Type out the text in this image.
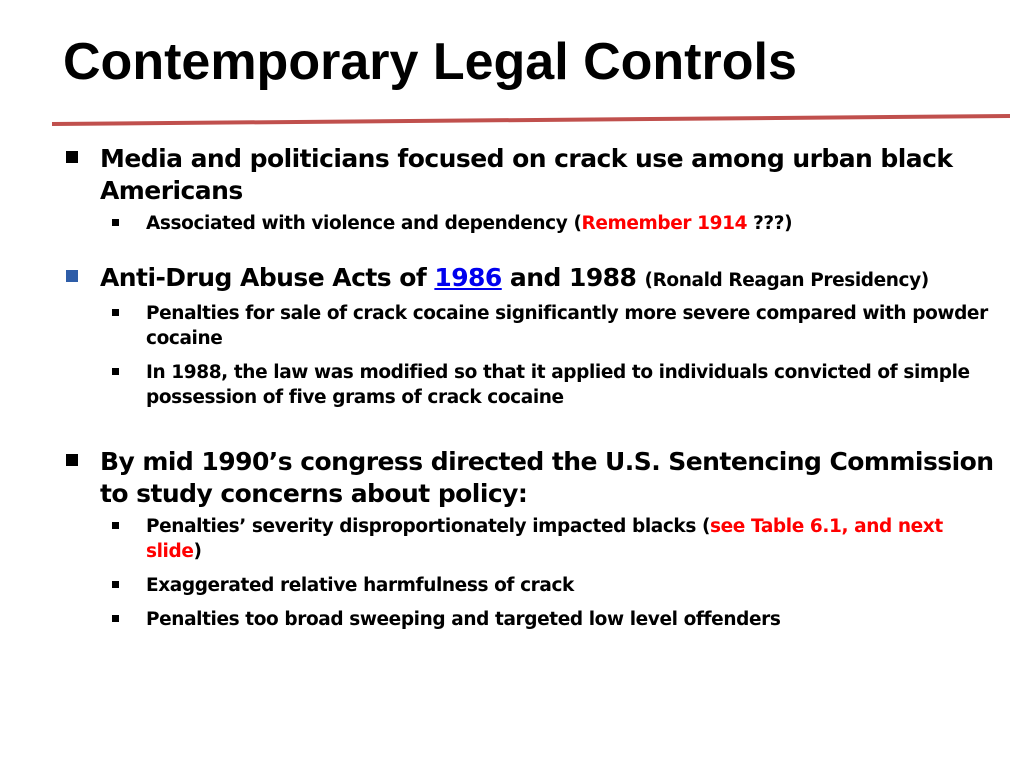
Contemporary Legal Controls
Media and politicians focused on crack use among urban black Americans
Associated with violence and dependency (Remember 1914 ???)
Anti-Drug Abuse Acts of 1986 and 1988 (Ronald Reagan Presidency)
Penalties for sale of crack cocaine significantly more severe compared with powder cocaine
In 1988, the law was modified so that it applied to individuals convicted of simple possession of five grams of crack cocaine
By mid 1990’s congress directed the U.S. Sentencing Commission to study concerns about policy:
Penalties’ severity disproportionately impacted blacks (see Table 6.1, and next slide)
Exaggerated relative harmfulness of crack
Penalties too broad sweeping and targeted low level offenders
